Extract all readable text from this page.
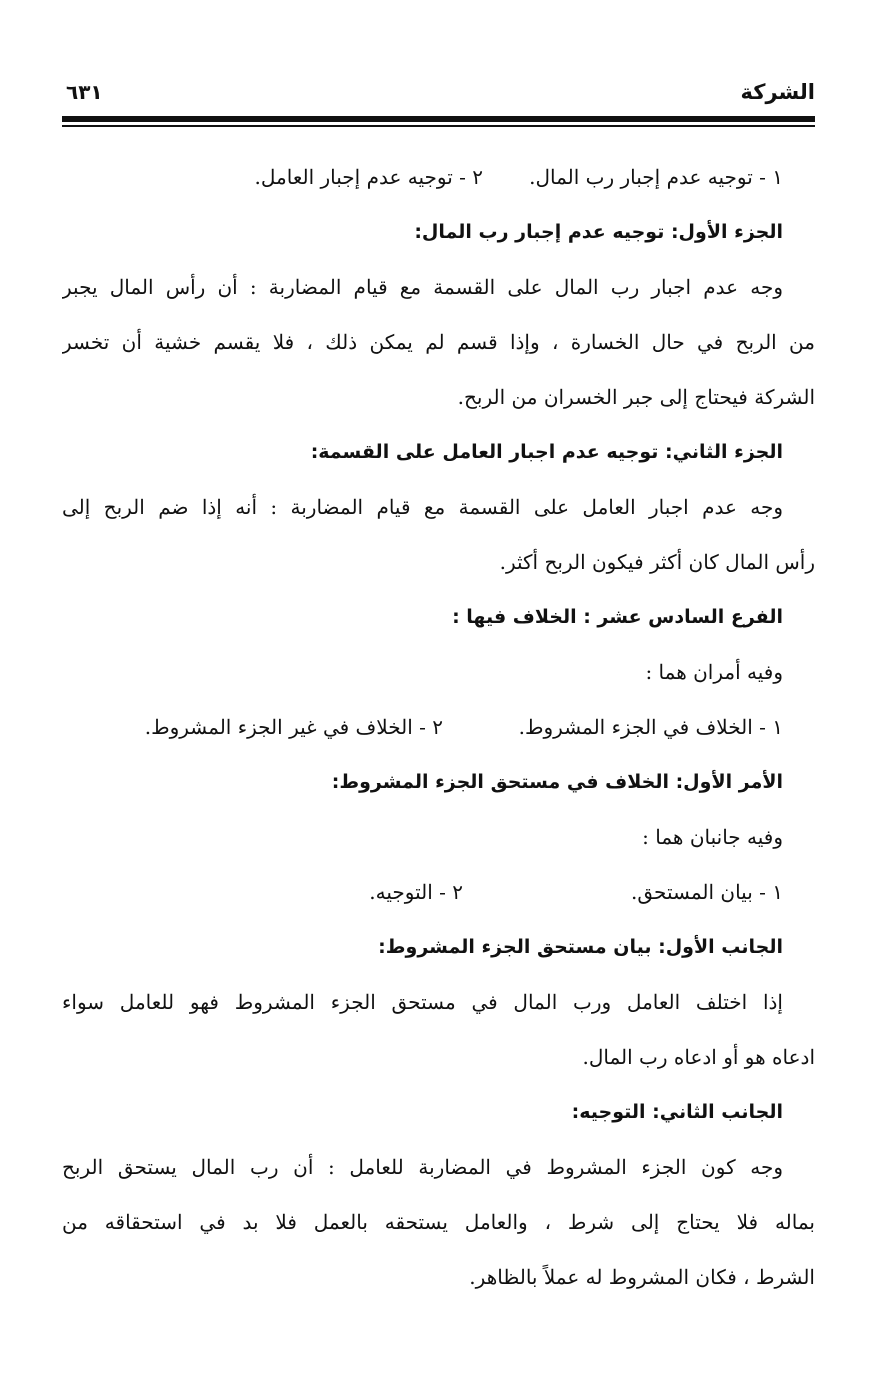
الشركة
٦٣١
١ - توجيه عدم إجبار رب المال.
٢ - توجيه عدم إجبار العامل.
الجزء الأول: توجيه عدم إجبار رب المال:
وجه عدم اجبار رب المال على القسمة مع قيام المضاربة : أن رأس المال يجبر
من الربح في حال الخسارة ، وإذا قسم لم يمكن ذلك ، فلا يقسم خشية أن تخسر
الشركة فيحتاج إلى جبر الخسران من الربح.
الجزء الثاني: توجيه عدم اجبار العامل على القسمة:
وجه عدم اجبار العامل على القسمة مع قيام المضاربة : أنه إذا ضم الربح إلى
رأس المال كان أكثر فيكون الربح أكثر.
الفرع السادس عشر : الخلاف فيها :
وفيه أمران هما :
١ - الخلاف في الجزء المشروط.
٢ - الخلاف في غير الجزء المشروط.
الأمر الأول: الخلاف في مستحق الجزء المشروط:
وفيه جانبان هما :
١ - بيان المستحق.
٢ - التوجيه.
الجانب الأول: بيان مستحق الجزء المشروط:
إذا اختلف العامل ورب المال في مستحق الجزء المشروط فهو للعامل سواء
ادعاه هو أو ادعاه رب المال.
الجانب الثاني: التوجيه:
وجه كون الجزء المشروط في المضاربة للعامل : أن رب المال يستحق الربح
بماله فلا يحتاج إلى شرط ، والعامل يستحقه بالعمل فلا بد في استحقاقه من
الشرط ، فكان المشروط له عملاً بالظاهر.
